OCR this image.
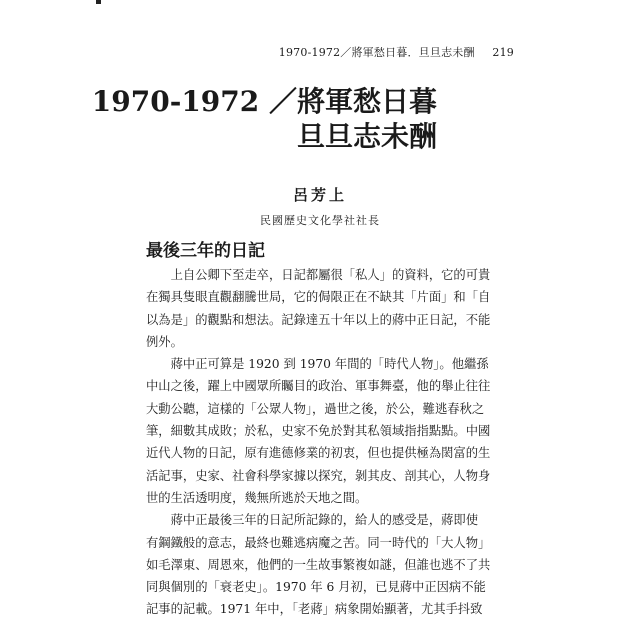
1970-1972／將軍愁日暮．旦旦志未酬 219
1970-1972 ／將軍愁日暮
旦旦志未酬
呂芳上
民國歷史文化學社社長
最後三年的日記

　　上自公卿下至走卒，日記都屬很「私人」的資料，它的可貴
在獨具隻眼直觀翻騰世局，它的侷限正在不缺其「片面」和「自
以為是」的觀點和想法。記錄達五十年以上的蔣中正日記，不能
例外。

　　蔣中正可算是 1920 到 1970 年間的「時代人物」。他繼孫
中山之後，躍上中國眾所矚目的政治、軍事舞臺，他的舉止往往
大動公聽，這樣的「公眾人物」，過世之後，於公，難逃春秋之
筆，細數其成敗；於私，史家不免於對其私領域指指點點。中國
近代人物的日記，原有進德修業的初衷，但也提供極為閎富的生
活記事，史家、社會科學家據以探究，剝其皮、剖其心，人物身
世的生活透明度，幾無所逃於天地之間。

　　蔣中正最後三年的日記所記錄的，給人的感受是，蔣即使
有鋼鐵般的意志，最終也難逃病魔之苦。同一時代的「大人物」
如毛澤東、周恩來，他們的一生故事繁複如謎，但誰也逃不了共
同與個別的「衰老史」。1970 年 6 月初，已見蔣中正因病不能
記事的記載。1971 年中，「老蔣」病象開始顯著，尤其手抖致
